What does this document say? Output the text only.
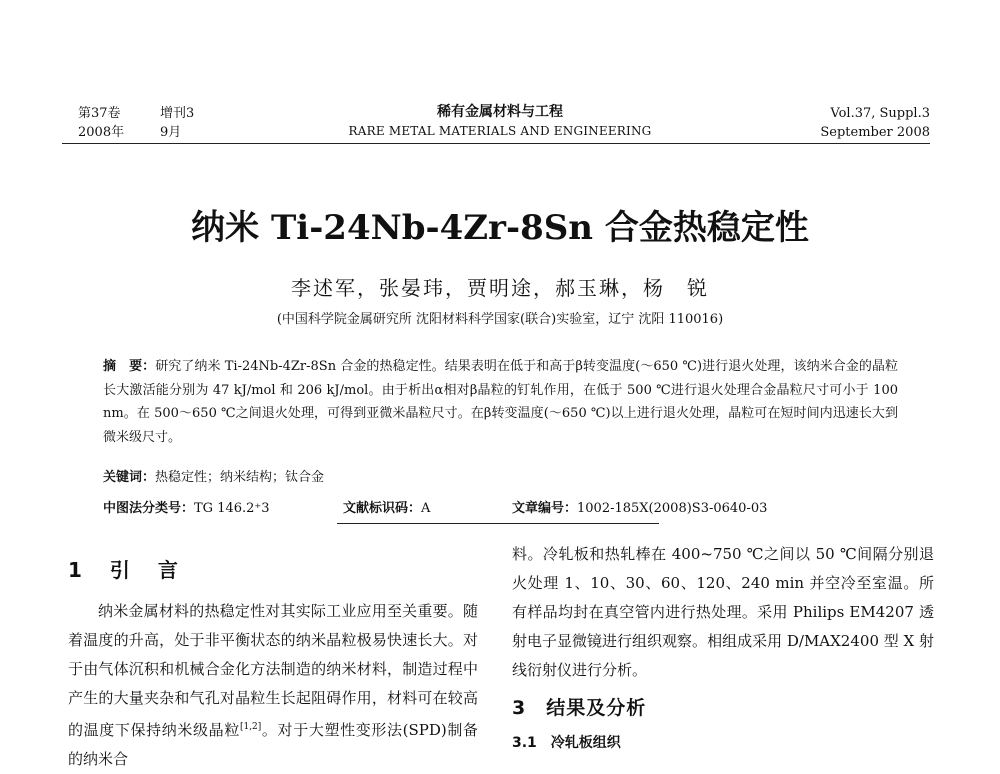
第37卷	增刊3
2008年	9月
稀有金属材料与工程
RARE METAL MATERIALS AND ENGINEERING
Vol.37, Suppl.3
September 2008
纳米 Ti-24Nb-4Zr-8Sn 合金热稳定性
李述军，张晏玮，贾明途，郝玉琳，杨　锐
(中国科学院金属研究所 沈阳材料科学国家(联合)实验室，辽宁 沈阳 110016)
摘　要：研究了纳米 Ti-24Nb-4Zr-8Sn 合金的热稳定性。结果表明在低于和高于β转变温度(～650 ℃)进行退火处理，该纳米合金的晶粒长大激活能分别为 47 kJ/mol 和 206 kJ/mol。由于析出α相对β晶粒的钉轧作用，在低于 500 ℃进行退火处理合金晶粒尺寸可小于 100 nm。在 500～650 ℃之间退火处理，可得到亚微米晶粒尺寸。在β转变温度(～650 ℃)以上进行退火处理，晶粒可在短时间内迅速长大到微米级尺寸。
关键词：热稳定性；纳米结构；钛合金
中图法分类号：TG 146.2⁺3	文献标识码：A	文章编号：1002-185X(2008)S3-0640-03
1　引　言

纳米金属材料的热稳定性对其实际工业应用至关重要。随着温度的升高，处于非平衡状态的纳米晶粒极易快速长大。对于由气体沉积和机械合金化方法制造的纳米材料，制造过程中产生的大量夹杂和气孔对晶粒生长起阻碍作用，材料可在较高的温度下保持纳米级晶粒[1,2]。对于大塑性变形法(SPD)制备的纳米合

料。冷轧板和热轧棒在 400~750 ℃之间以 50 ℃间隔分别退火处理 1、10、30、60、120、240 min 并空冷至室温。所有样品均封在真空管内进行热处理。采用 Philips EM4207 透射电子显微镜进行组织观察。相组成采用 D/MAX2400 型 X 射线衍射仪进行分析。

3　结果及分析
3.1　冷轧板组织
